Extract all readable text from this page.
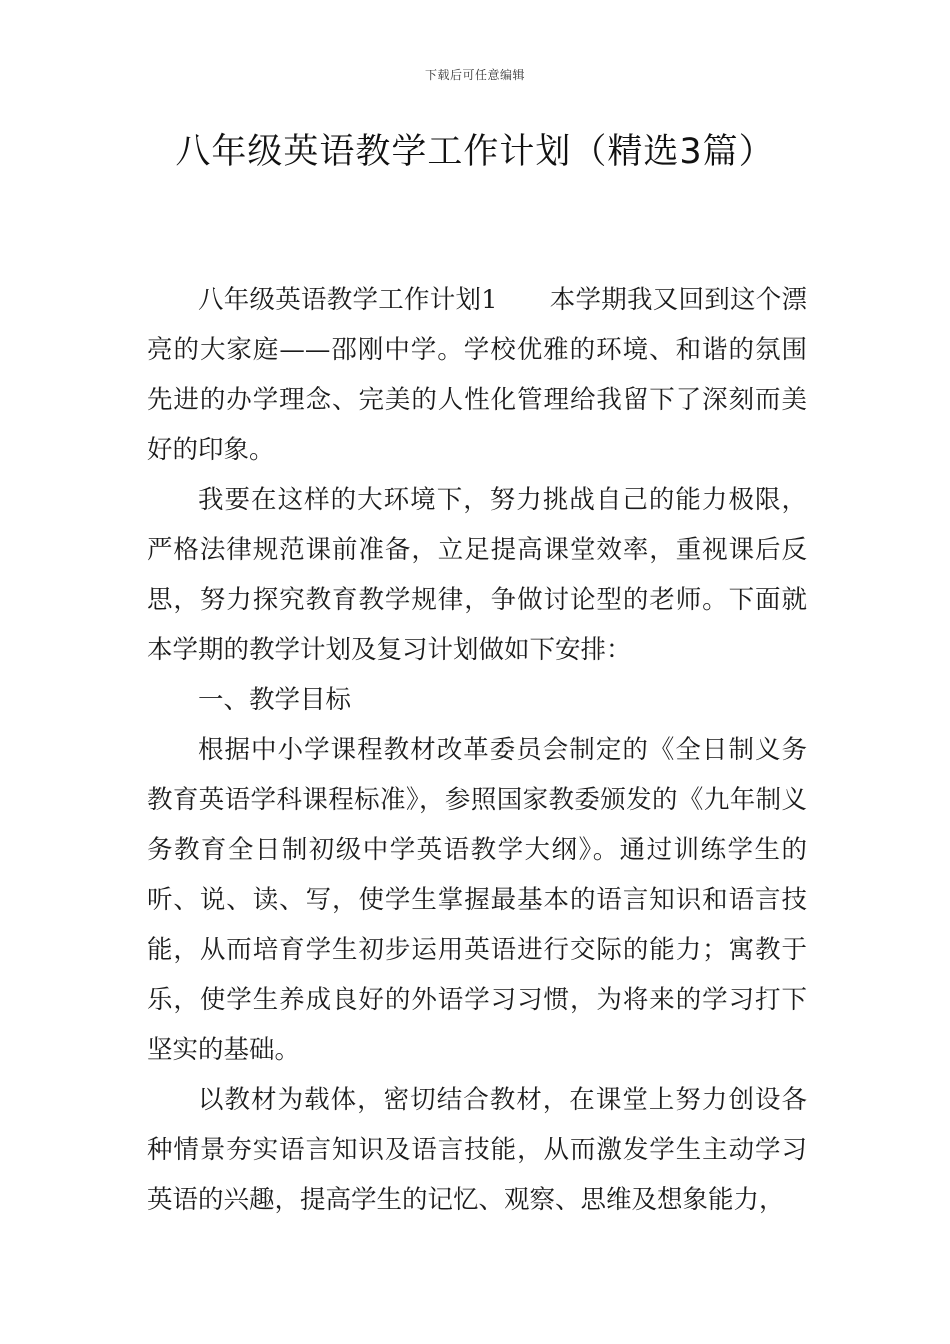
下载后可任意编辑
八年级英语教学工作计划（精选3篇）

八年级英语教学工作计划1 本学期我又回到这个漂亮的大家庭——邵刚中学。学校优雅的环境、和谐的氛围先进的办学理念、完美的人性化管理给我留下了深刻而美好的印象。

我要在这样的大环境下，努力挑战自己的能力极限，严格法律规范课前准备，立足提高课堂效率，重视课后反思，努力探究教育教学规律，争做讨论型的老师。下面就本学期的教学计划及复习计划做如下安排：

一、教学目标

根据中小学课程教材改革委员会制定的《全日制义务教育英语学科课程标准》，参照国家教委颁发的《九年制义务教育全日制初级中学英语教学大纲》。通过训练学生的听、说、读、写，使学生掌握最基本的语言知识和语言技能，从而培育学生初步运用英语进行交际的能力；寓教于乐，使学生养成良好的外语学习习惯，为将来的学习打下坚实的基础。

以教材为载体，密切结合教材，在课堂上努力创设各种情景夯实语言知识及语言技能，从而激发学生主动学习英语的兴趣，提高学生的记忆、观察、思维及想象能力，
